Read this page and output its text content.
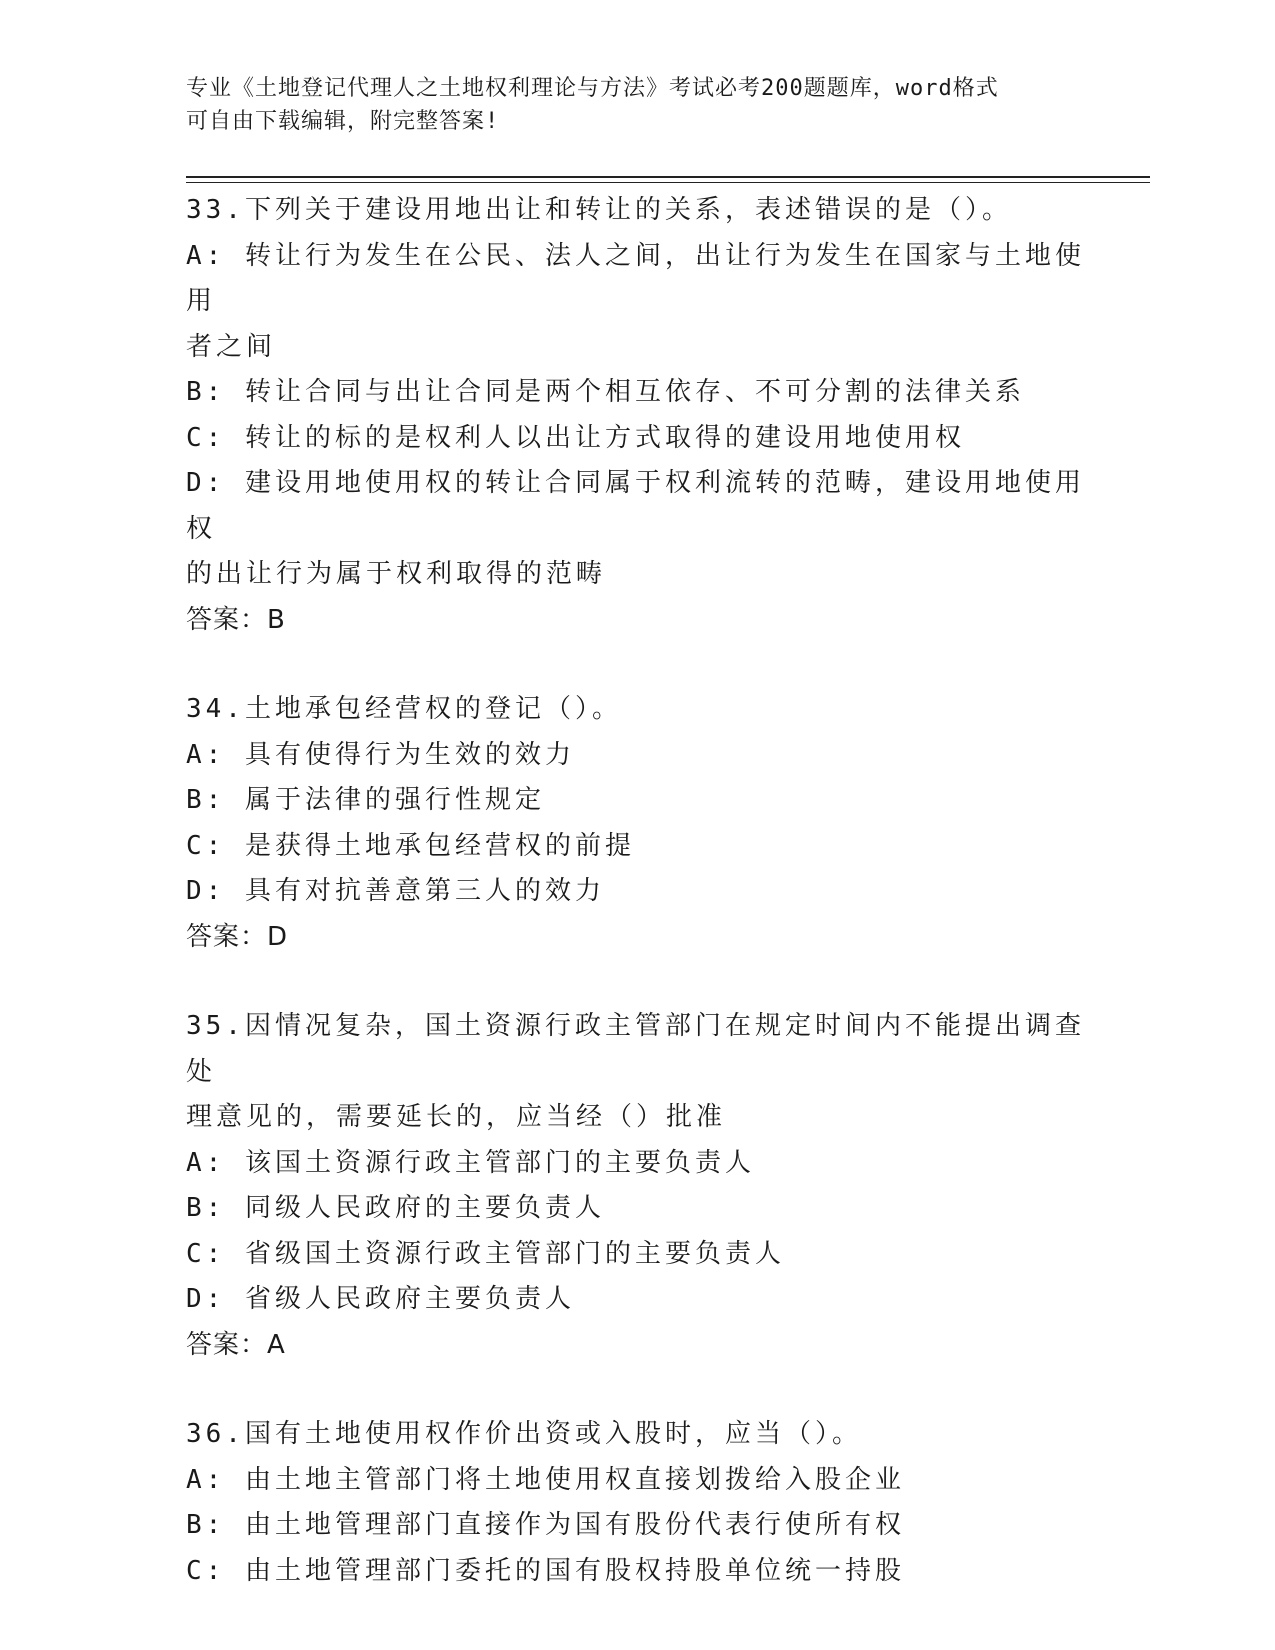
专业《土地登记代理人之土地权利理论与方法》考试必考200题题库，word格式
可自由下载编辑，附完整答案!

33.下列关于建设用地出让和转让的关系，表述错误的是（）。

A: 转让行为发生在公民、法人之间，出让行为发生在国家与土地使用

者之间

B: 转让合同与出让合同是两个相互依存、不可分割的法律关系

C: 转让的标的是权利人以出让方式取得的建设用地使用权

D: 建设用地使用权的转让合同属于权利流转的范畴，建设用地使用权

的出让行为属于权利取得的范畴

答案：B

34.土地承包经营权的登记（）。

A: 具有使得行为生效的效力

B: 属于法律的强行性规定

C: 是获得土地承包经营权的前提

D: 具有对抗善意第三人的效力

答案：D

35.因情况复杂，国土资源行政主管部门在规定时间内不能提出调查处

理意见的，需要延长的，应当经（）批准

A: 该国土资源行政主管部门的主要负责人

B: 同级人民政府的主要负责人

C: 省级国土资源行政主管部门的主要负责人

D: 省级人民政府主要负责人

答案：A

36.国有土地使用权作价出资或入股时，应当（）。

A: 由土地主管部门将土地使用权直接划拨给入股企业

B: 由土地管理部门直接作为国有股份代表行使所有权

C: 由土地管理部门委托的国有股权持股单位统一持股
